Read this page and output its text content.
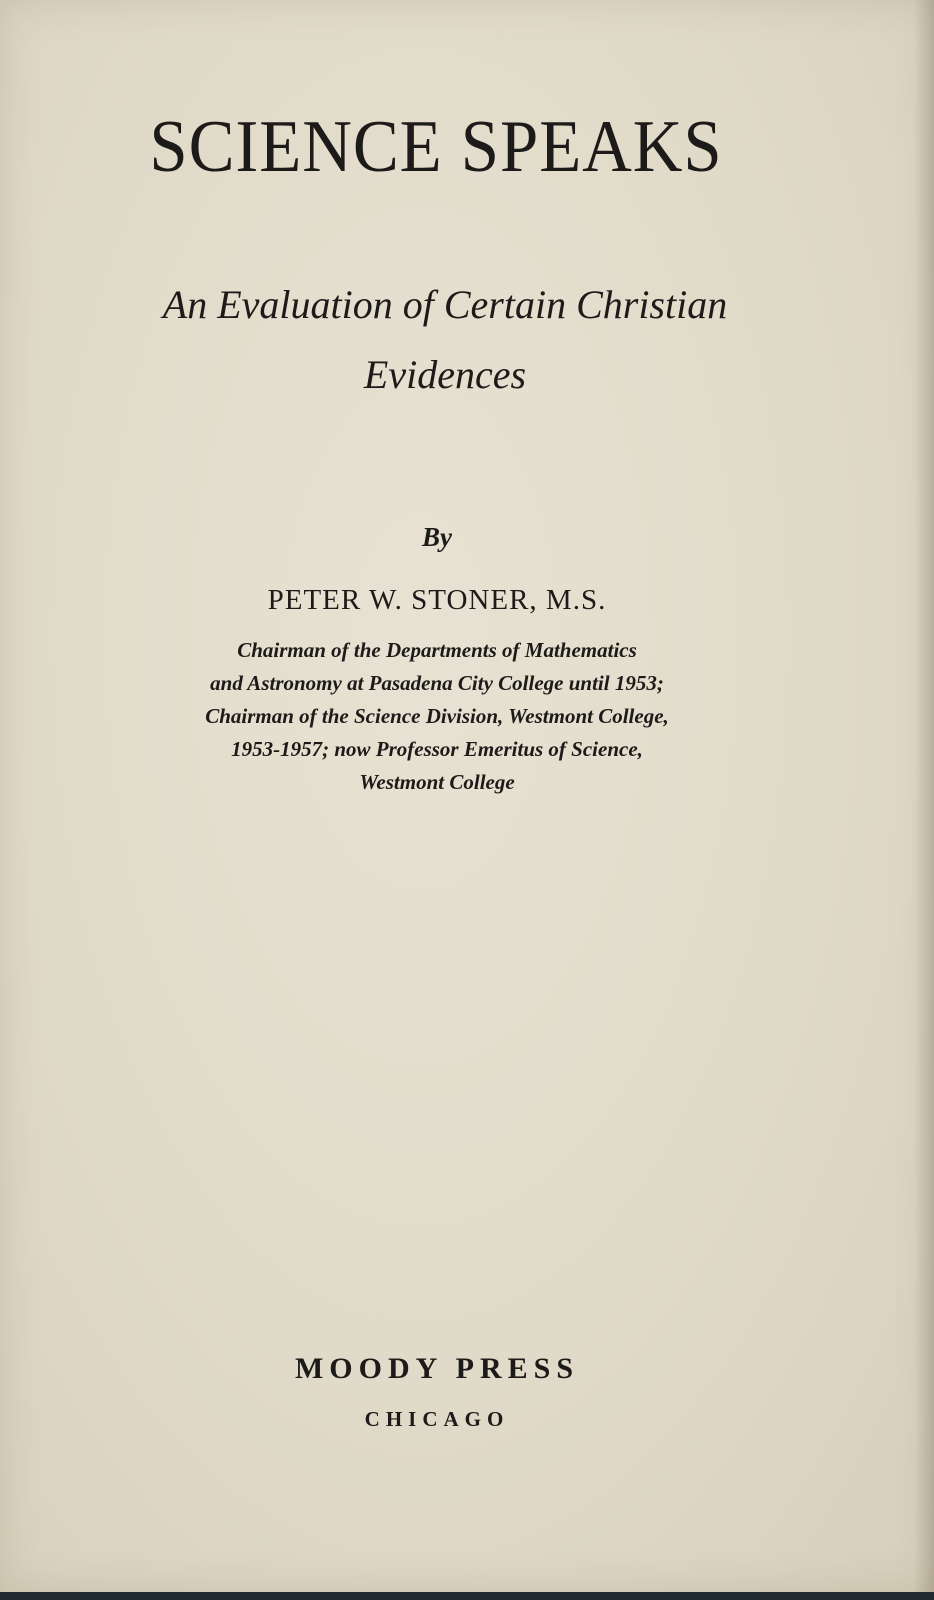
SCIENCE SPEAKS
An Evaluation of Certain Christian
Evidences

By

PETER W. STONER, M.S.

Chairman of the Departments of Mathematics
and Astronomy at Pasadena City College until 1953;
Chairman of the Science Division, Westmont College,
1953-1957; now Professor Emeritus of Science,
Westmont College

MOODY PRESS

CHICAGO
